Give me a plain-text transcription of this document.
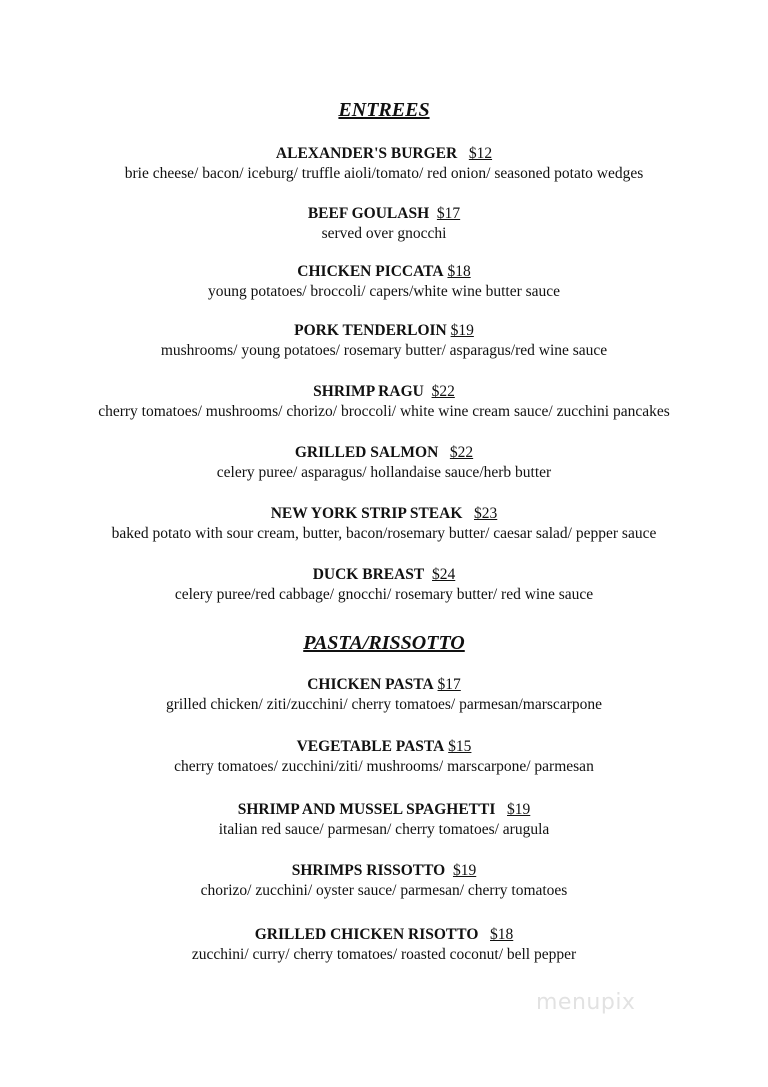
ENTREES
ALEXANDER'S BURGER $12
brie cheese/ bacon/ iceburg/ truffle aioli/tomato/ red onion/ seasoned potato wedges
BEEF GOULASH $17
served over gnocchi
CHICKEN PICCATA $18
young potatoes/ broccoli/ capers/white wine butter sauce
PORK TENDERLOIN $19
mushrooms/ young potatoes/ rosemary butter/ asparagus/red wine sauce
SHRIMP RAGU $22
cherry tomatoes/ mushrooms/ chorizo/ broccoli/ white wine cream sauce/ zucchini pancakes
GRILLED SALMON $22
celery puree/ asparagus/ hollandaise sauce/herb butter
NEW YORK STRIP STEAK $23
baked potato with sour cream, butter, bacon/rosemary butter/ caesar salad/ pepper sauce
DUCK BREAST $24
celery puree/red cabbage/ gnocchi/ rosemary butter/ red wine sauce
PASTA/RISSOTTO
CHICKEN PASTA $17
grilled chicken/ ziti/zucchini/ cherry tomatoes/ parmesan/marscarpone
VEGETABLE PASTA $15
cherry tomatoes/ zucchini/ziti/ mushrooms/ marscarpone/ parmesan
SHRIMP AND MUSSEL SPAGHETTI $19
italian red sauce/ parmesan/ cherry tomatoes/ arugula
SHRIMPS RISSOTTO $19
chorizo/ zucchini/ oyster sauce/ parmesan/ cherry tomatoes
GRILLED CHICKEN RISOTTO $18
zucchini/ curry/ cherry tomatoes/ roasted coconut/ bell pepper
menupix
